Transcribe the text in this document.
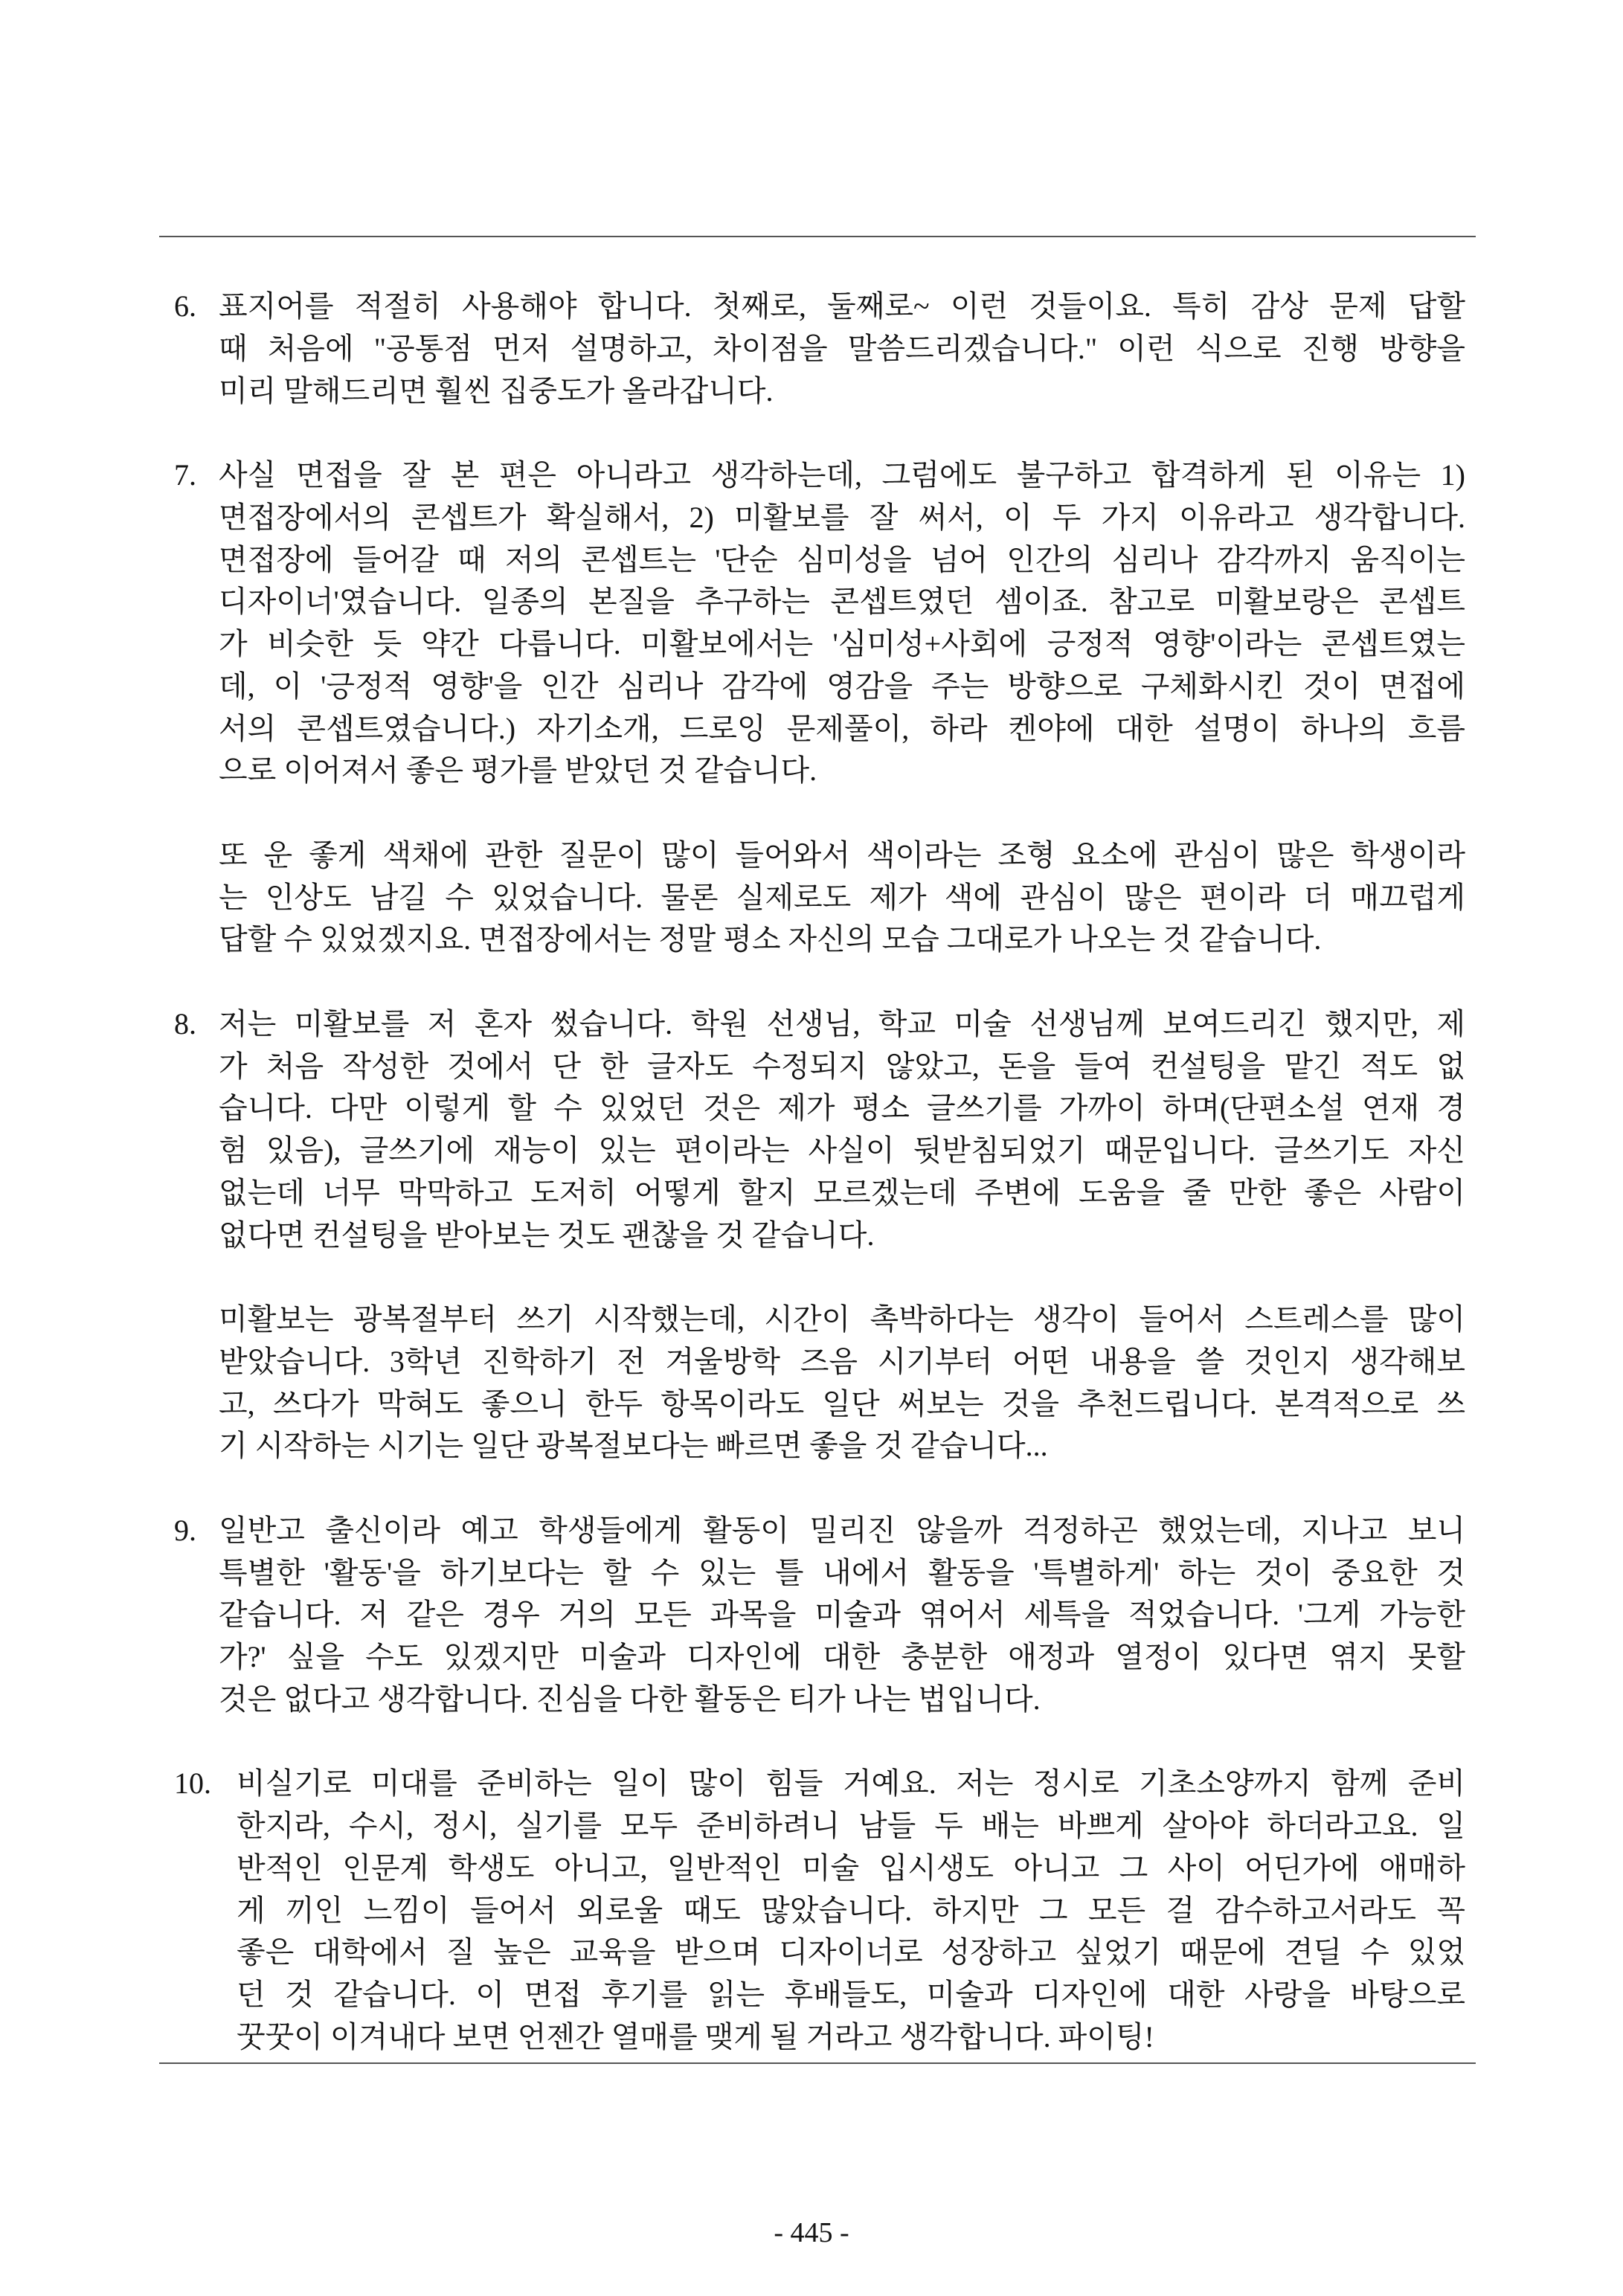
6. 표지어를 적절히 사용해야 합니다. 첫째로, 둘째로~ 이런 것들이요. 특히 감상 문제 답할
때 처음에 "공통점 먼저 설명하고, 차이점을 말씀드리겠습니다." 이런 식으로 진행 방향을
미리 말해드리면 훨씬 집중도가 올라갑니다.
7. 사실 면접을 잘 본 편은 아니라고 생각하는데, 그럼에도 불구하고 합격하게 된 이유는 1)
면접장에서의 콘셉트가 확실해서, 2) 미활보를 잘 써서, 이 두 가지 이유라고 생각합니다.
면접장에 들어갈 때 저의 콘셉트는 '단순 심미성을 넘어 인간의 심리나 감각까지 움직이는
디자이너'였습니다. 일종의 본질을 추구하는 콘셉트였던 셈이죠. 참고로 미활보랑은 콘셉트
가 비슷한 듯 약간 다릅니다. 미활보에서는 '심미성+사회에 긍정적 영향'이라는 콘셉트였는
데, 이 '긍정적 영향'을 인간 심리나 감각에 영감을 주는 방향으로 구체화시킨 것이 면접에
서의 콘셉트였습니다.) 자기소개, 드로잉 문제풀이, 하라 켄야에 대한 설명이 하나의 흐름
으로 이어져서 좋은 평가를 받았던 것 같습니다.
또 운 좋게 색채에 관한 질문이 많이 들어와서 색이라는 조형 요소에 관심이 많은 학생이라
는 인상도 남길 수 있었습니다. 물론 실제로도 제가 색에 관심이 많은 편이라 더 매끄럽게
답할 수 있었겠지요. 면접장에서는 정말 평소 자신의 모습 그대로가 나오는 것 같습니다.
8. 저는 미활보를 저 혼자 썼습니다. 학원 선생님, 학교 미술 선생님께 보여드리긴 했지만, 제
가 처음 작성한 것에서 단 한 글자도 수정되지 않았고, 돈을 들여 컨설팅을 맡긴 적도 없
습니다. 다만 이렇게 할 수 있었던 것은 제가 평소 글쓰기를 가까이 하며(단편소설 연재 경
험 있음), 글쓰기에 재능이 있는 편이라는 사실이 뒷받침되었기 때문입니다. 글쓰기도 자신
없는데 너무 막막하고 도저히 어떻게 할지 모르겠는데 주변에 도움을 줄 만한 좋은 사람이
없다면 컨설팅을 받아보는 것도 괜찮을 것 같습니다.
미활보는 광복절부터 쓰기 시작했는데, 시간이 촉박하다는 생각이 들어서 스트레스를 많이
받았습니다. 3학년 진학하기 전 겨울방학 즈음 시기부터 어떤 내용을 쓸 것인지 생각해보
고, 쓰다가 막혀도 좋으니 한두 항목이라도 일단 써보는 것을 추천드립니다. 본격적으로 쓰
기 시작하는 시기는 일단 광복절보다는 빠르면 좋을 것 같습니다...
9. 일반고 출신이라 예고 학생들에게 활동이 밀리진 않을까 걱정하곤 했었는데, 지나고 보니
특별한 '활동'을 하기보다는 할 수 있는 틀 내에서 활동을 '특별하게' 하는 것이 중요한 것
같습니다. 저 같은 경우 거의 모든 과목을 미술과 엮어서 세특을 적었습니다. '그게 가능한
가?' 싶을 수도 있겠지만 미술과 디자인에 대한 충분한 애정과 열정이 있다면 엮지 못할
것은 없다고 생각합니다. 진심을 다한 활동은 티가 나는 법입니다.
10. 비실기로 미대를 준비하는 일이 많이 힘들 거예요. 저는 정시로 기초소양까지 함께 준비
한지라, 수시, 정시, 실기를 모두 준비하려니 남들 두 배는 바쁘게 살아야 하더라고요. 일
반적인 인문계 학생도 아니고, 일반적인 미술 입시생도 아니고 그 사이 어딘가에 애매하
게 끼인 느낌이 들어서 외로울 때도 많았습니다. 하지만 그 모든 걸 감수하고서라도 꼭
좋은 대학에서 질 높은 교육을 받으며 디자이너로 성장하고 싶었기 때문에 견딜 수 있었
던 것 같습니다. 이 면접 후기를 읽는 후배들도, 미술과 디자인에 대한 사랑을 바탕으로
꿋꿋이 이겨내다 보면 언젠간 열매를 맺게 될 거라고 생각합니다. 파이팅!
- 445 -
